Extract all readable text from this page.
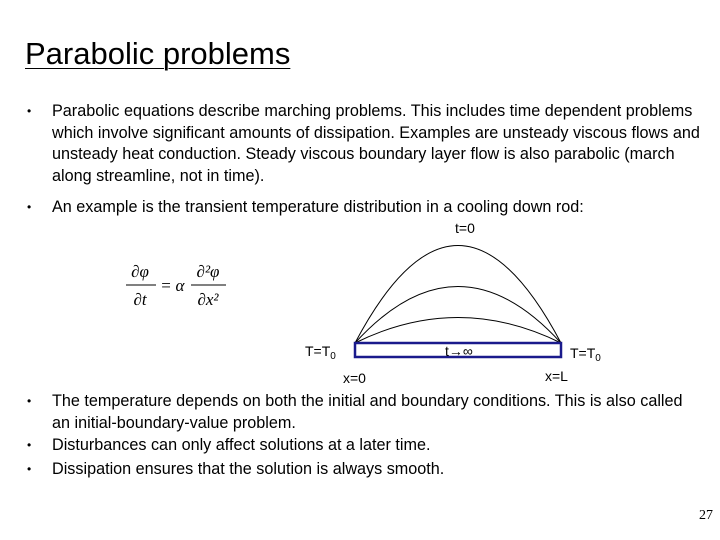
Parabolic problems
• Parabolic equations describe marching problems. This includes time dependent problems which involve significant amounts of dissipation. Examples are unsteady viscous flows and unsteady heat conduction. Steady viscous boundary layer flow is also parabolic (march along streamline, not in time).
• An example is the transient temperature distribution in a cooling down rod:
• The temperature depends on both the initial and boundary conditions. This is also called an initial-boundary-value problem.
• Disturbances can only affect solutions at a later time.
• Dissipation ensures that the solution is always smooth.
∂φ
∂t
= α
∂²φ
∂x²
t=0
t→∞
$T=T_0$	$T=T_0$
x=0	x=L
27
